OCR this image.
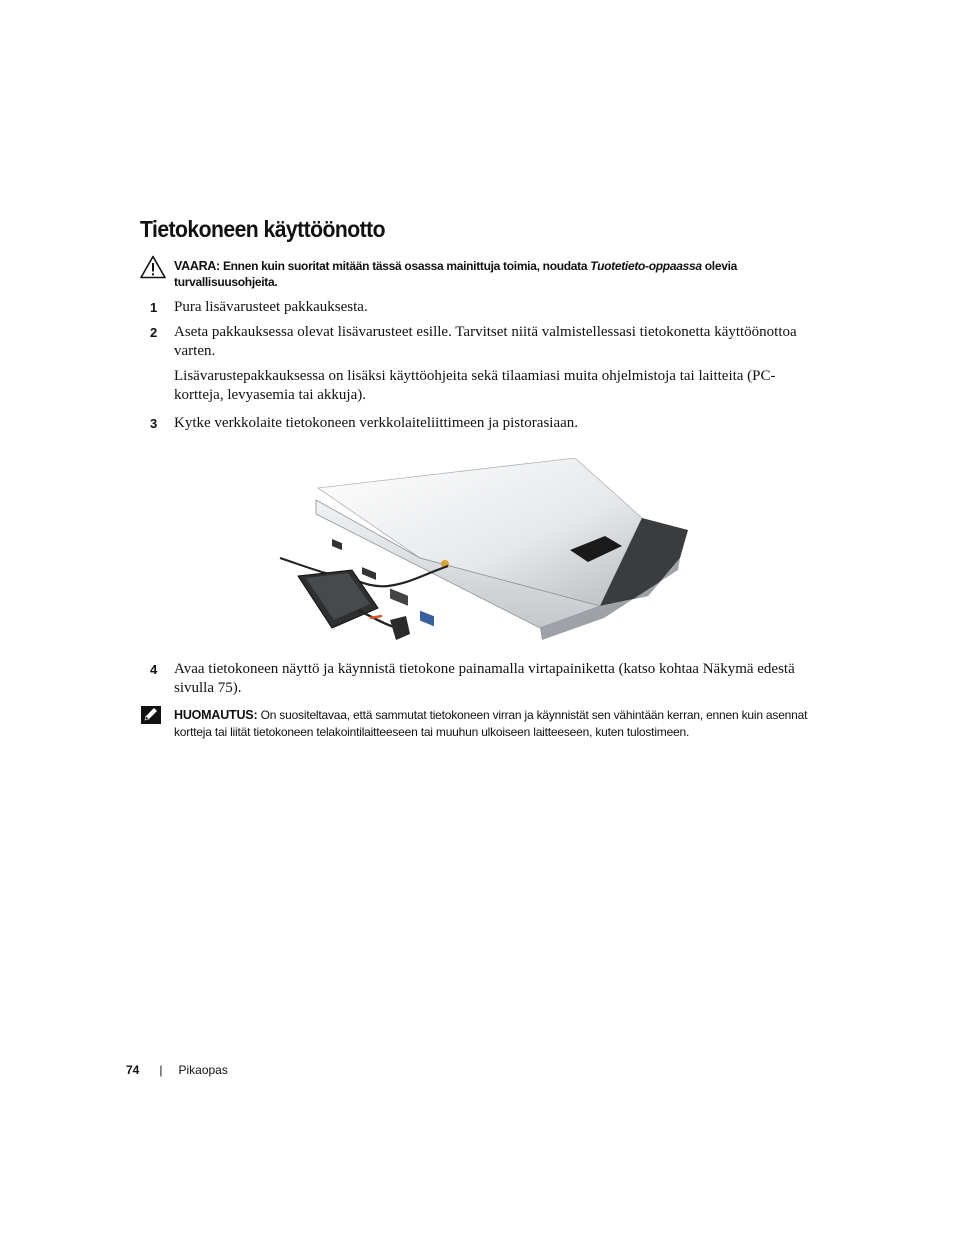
Tietokoneen käyttöönotto
VAARA: Ennen kuin suoritat mitään tässä osassa mainittuja toimia, noudata Tuotetieto-oppaassa olevia turvallisuusohjeita.
1 Pura lisävarusteet pakkauksesta.
2 Aseta pakkauksessa olevat lisävarusteet esille. Tarvitset niitä valmistellessasi tietokonetta käyttöönottoa varten.
Lisävarustepakkauksessa on lisäksi käyttöohjeita sekä tilaamiasi muita ohjelmistoja tai laitteita (PC-kortteja, levyasemia tai akkuja).
3 Kytke verkkolaite tietokoneen verkkolaiteliittimeen ja pistorasiaan.
4 Avaa tietokoneen näyttö ja käynnistä tietokone painamalla virtapainiketta (katso kohtaa Näkymä edestä sivulla 75).
HUOMAUTUS: On suositeltavaa, että sammutat tietokoneen virran ja käynnistät sen vähintään kerran, ennen kuin asennat kortteja tai liität tietokoneen telakointilaitteeseen tai muuhun ulkoiseen laitteeseen, kuten tulostimeen.
74 | Pikaopas
